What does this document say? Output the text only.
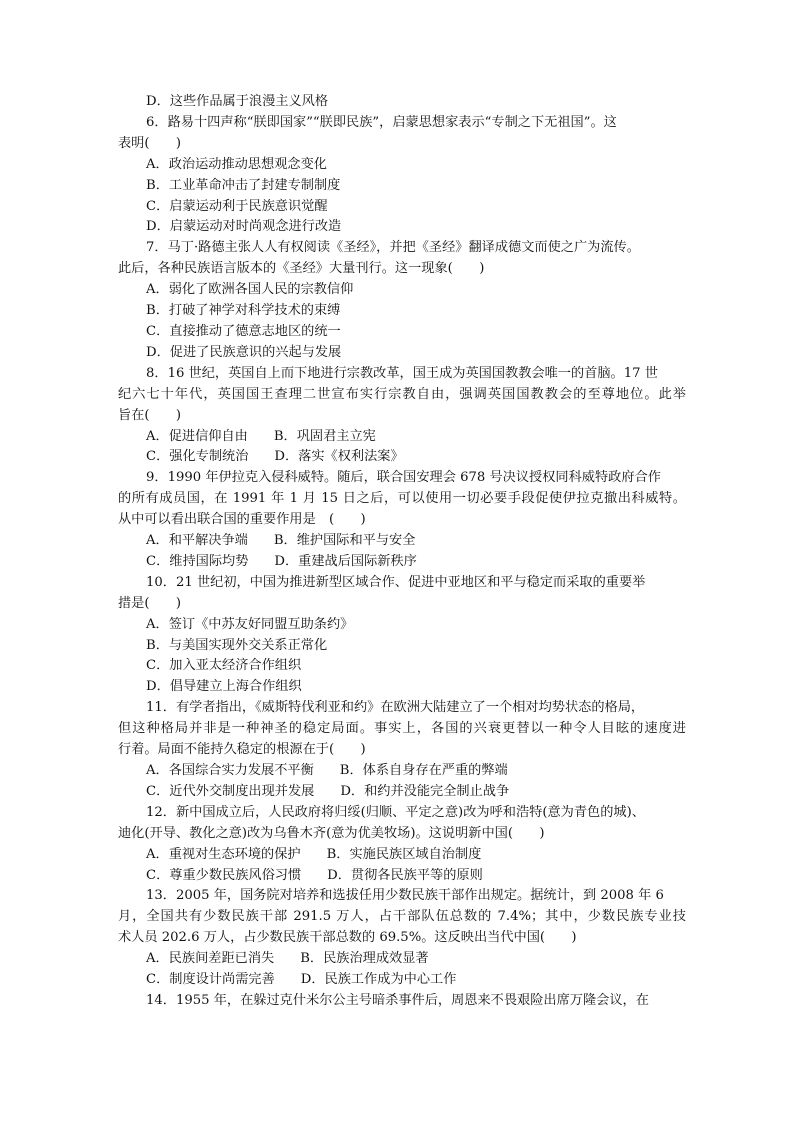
D．这些作品属于浪漫主义风格
6．路易十四声称“朕即国家”“朕即民族”，启蒙思想家表示“专制之下无祖国”。这
表明(　　)
A．政治运动推动思想观念变化
B．工业革命冲击了封建专制制度
C．启蒙运动利于民族意识觉醒
D．启蒙运动对时尚观念进行改造
7．马丁·路德主张人人有权阅读《圣经》，并把《圣经》翻译成德文而使之广为流传。
此后，各种民族语言版本的《圣经》大量刊行。这一现象(　　)
A．弱化了欧洲各国人民的宗教信仰
B．打破了神学对科学技术的束缚
C．直接推动了德意志地区的统一
D．促进了民族意识的兴起与发展
8．16 世纪，英国自上而下地进行宗教改革，国王成为英国国教教会唯一的首脑。17 世
纪六七十年代，英国国王查理二世宣布实行宗教自由，强调英国国教教会的至尊地位。此举
旨在(　　)
A．促进信仰自由 B．巩固君主立宪
C．强化专制统治 D．落实《权利法案》
9．1990 年伊拉克入侵科威特。随后，联合国安理会 678 号决议授权同科威特政府合作
的所有成员国，在 1991 年 1 月 15 日之后，可以使用一切必要手段促使伊拉克撤出科威特。
从中可以看出联合国的重要作用是　(　　)
A．和平解决争端 B．维护国际和平与安全
C．维持国际均势 D．重建战后国际新秩序
10．21 世纪初，中国为推进新型区域合作、促进中亚地区和平与稳定而采取的重要举
措是(　　)
A．签订《中苏友好同盟互助条约》
B．与美国实现外交关系正常化
C．加入亚太经济合作组织
D．倡导建立上海合作组织
11．有学者指出，《威斯特伐利亚和约》在欧洲大陆建立了一个相对均势状态的格局，
但这种格局并非是一种神圣的稳定局面。事实上，各国的兴衰更替以一种令人目眩的速度进
行着。局面不能持久稳定的根源在于(　　)
A．各国综合实力发展不平衡 B．体系自身存在严重的弊端
C．近代外交制度出现并发展 D．和约并没能完全制止战争
12．新中国成立后，人民政府将归绥(归顺、平定之意)改为呼和浩特(意为青色的城)、
迪化(开导、教化之意)改为乌鲁木齐(意为优美牧场)。这说明新中国(　　)
A．重视对生态环境的保护 B．实施民族区域自治制度
C．尊重少数民族风俗习惯 D．贯彻各民族平等的原则
13．2005 年，国务院对培养和选拔任用少数民族干部作出规定。据统计，到 2008 年 6
月，全国共有少数民族干部 291.5 万人，占干部队伍总数的 7.4%；其中，少数民族专业技
术人员 202.6 万人，占少数民族干部总数的 69.5%。这反映出当代中国(　　)
A．民族间差距已消失 B．民族治理成效显著
C．制度设计尚需完善 D．民族工作成为中心工作
14．1955 年，在躲过克什米尔公主号暗杀事件后，周恩来不畏艰险出席万隆会议，在
